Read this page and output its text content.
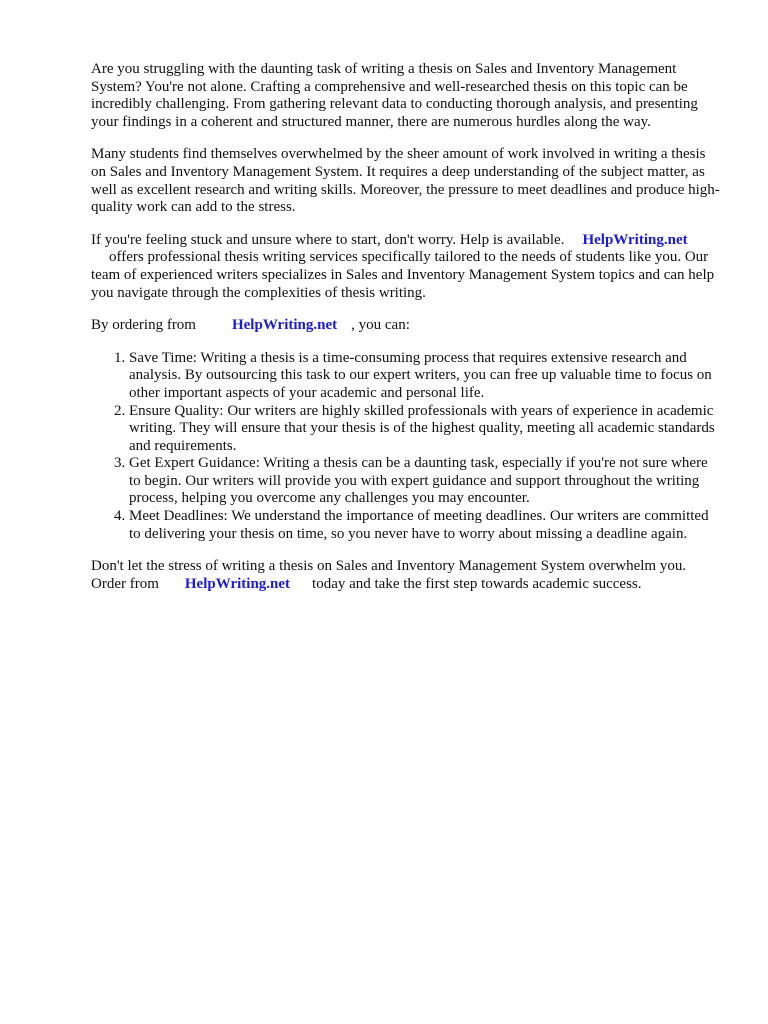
Are you struggling with the daunting task of writing a thesis on Sales and Inventory Management System? You're not alone. Crafting a comprehensive and well-researched thesis on this topic can be incredibly challenging. From gathering relevant data to conducting thorough analysis, and presenting your findings in a coherent and structured manner, there are numerous hurdles along the way.

Many students find themselves overwhelmed by the sheer amount of work involved in writing a thesis on Sales and Inventory Management System. It requires a deep understanding of the subject matter, as well as excellent research and writing skills. Moreover, the pressure to meet deadlines and produce high-quality work can add to the stress.

If you're feeling stuck and unsure where to start, don't worry. Help is available. HelpWriting.net
offers professional thesis writing services specifically tailored to the needs of students like you. Our team of experienced writers specializes in Sales and Inventory Management System topics and can help you navigate through the complexities of thesis writing.

By ordering from HelpWriting.net , you can:

1. Save Time: Writing a thesis is a time-consuming process that requires extensive research and analysis. By outsourcing this task to our expert writers, you can free up valuable time to focus on other important aspects of your academic and personal life.
2. Ensure Quality: Our writers are highly skilled professionals with years of experience in academic writing. They will ensure that your thesis is of the highest quality, meeting all academic standards and requirements.
3. Get Expert Guidance: Writing a thesis can be a daunting task, especially if you're not sure where to begin. Our writers will provide you with expert guidance and support throughout the writing process, helping you overcome any challenges you may encounter.
4. Meet Deadlines: We understand the importance of meeting deadlines. Our writers are committed to delivering your thesis on time, so you never have to worry about missing a deadline again.

Don't let the stress of writing a thesis on Sales and Inventory Management System overwhelm you.
Order from HelpWriting.net today and take the first step towards academic success.
